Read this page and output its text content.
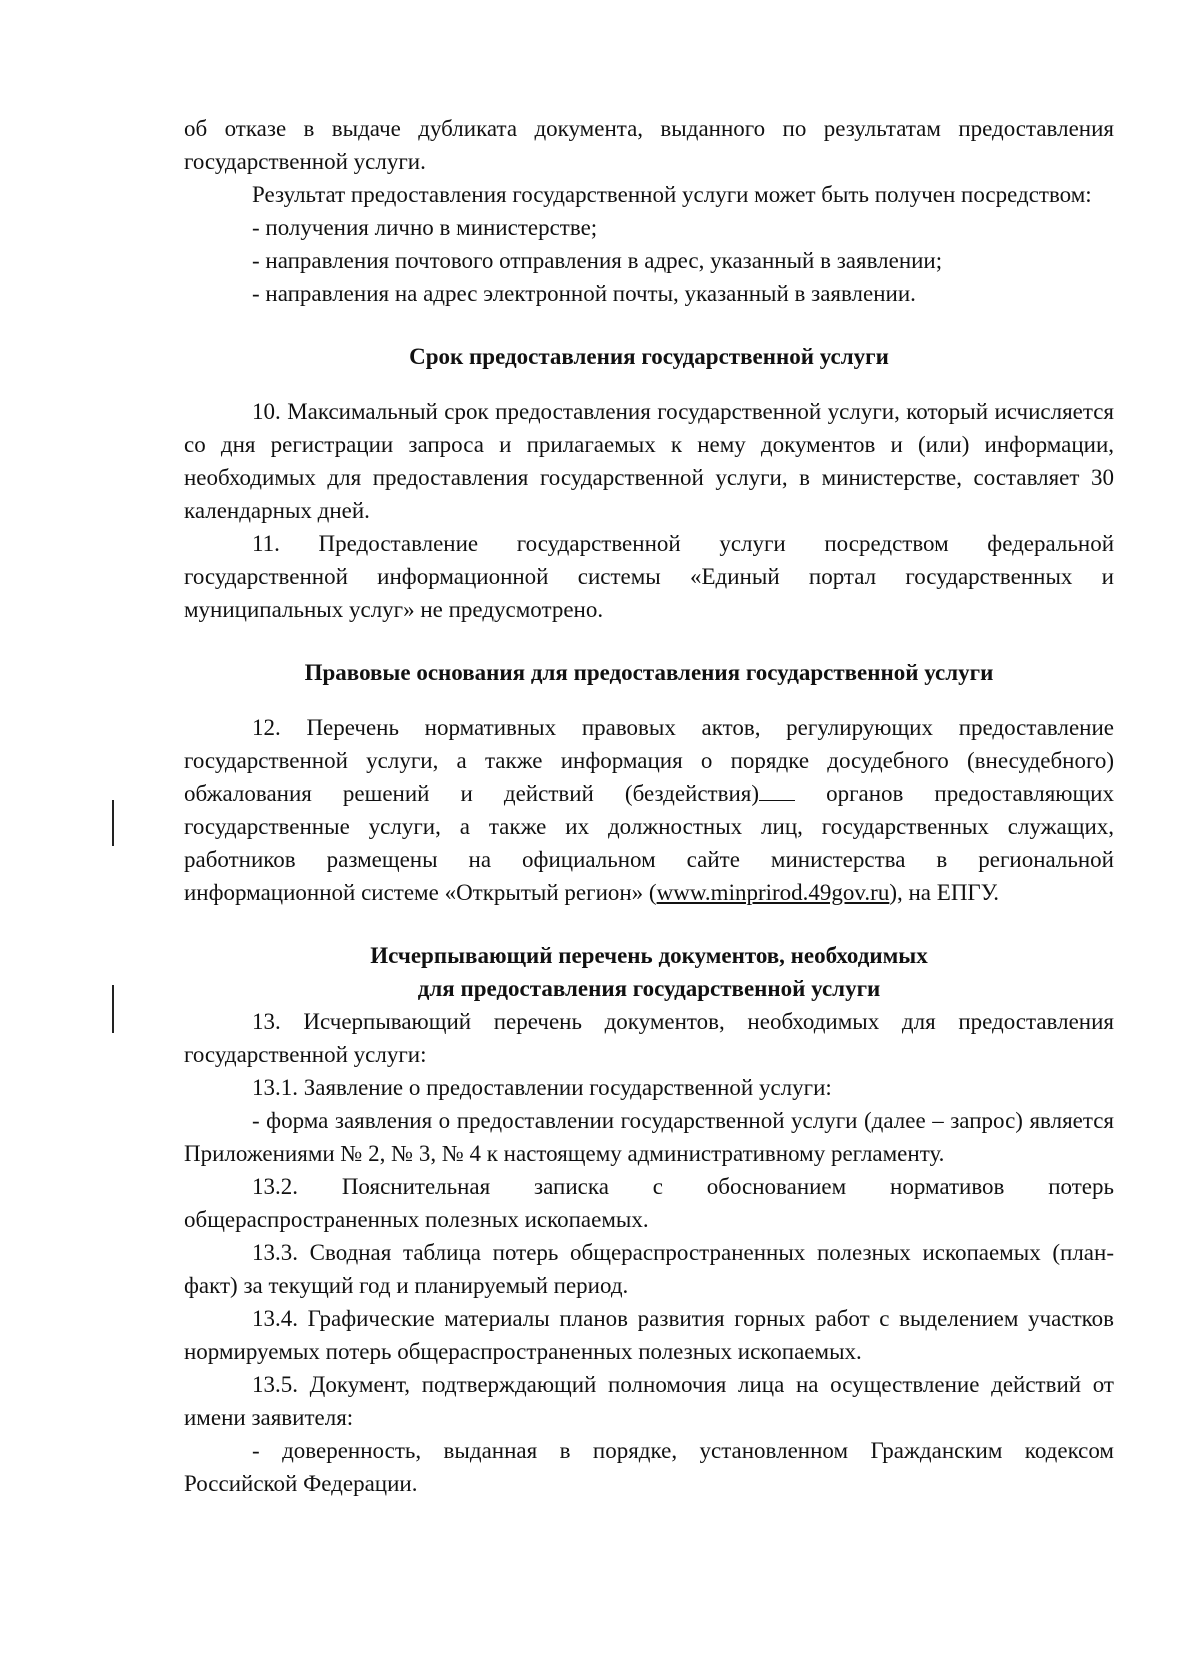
об отказе в выдаче дубликата документа, выданного по результатам предоставления государственной услуги.

Результат предоставления государственной услуги может быть получен посредством:

- получения лично в министерстве;

- направления почтового отправления в адрес, указанный в заявлении;

- направления на адрес электронной почты, указанный в заявлении.

Срок предоставления государственной услуги

10. Максимальный срок предоставления государственной услуги, который исчисляется со дня регистрации запроса и прилагаемых к нему документов и (или) информации, необходимых для предоставления государственной услуги, в министерстве, составляет 30 календарных дней.

11. Предоставление государственной услуги посредством федеральной государственной информационной системы «Единый портал государственных и муниципальных услуг» не предусмотрено.

Правовые основания для предоставления государственной услуги

12. Перечень нормативных правовых актов, регулирующих предоставление государственной услуги, а также информация о порядке досудебного (внесудебного) обжалования решений и действий (бездействия) органов предоставляющих государственные услуги, а также их должностных лиц, государственных служащих, работников размещены на официальном сайте министерства в региональной информационной системе «Открытый регион» (www.minprirod.49gov.ru), на ЕПГУ.

Исчерпывающий перечень документов, необходимых
для предоставления государственной услуги

13. Исчерпывающий перечень документов, необходимых для предоставления государственной услуги:

13.1. Заявление о предоставлении государственной услуги:

- форма заявления о предоставлении государственной услуги (далее – запрос) является Приложениями № 2, № 3, № 4 к настоящему административному регламенту.

13.2. Пояснительная записка с обоснованием нормативов потерь общераспространенных полезных ископаемых.

13.3. Сводная таблица потерь общераспространенных полезных ископаемых (план-факт) за текущий год и планируемый период.

13.4. Графические материалы планов развития горных работ с выделением участков нормируемых потерь общераспространенных полезных ископаемых.

13.5. Документ, подтверждающий полномочия лица на осуществление действий от имени заявителя:

- доверенность, выданная в порядке, установленном Гражданским кодексом Российской Федерации.
